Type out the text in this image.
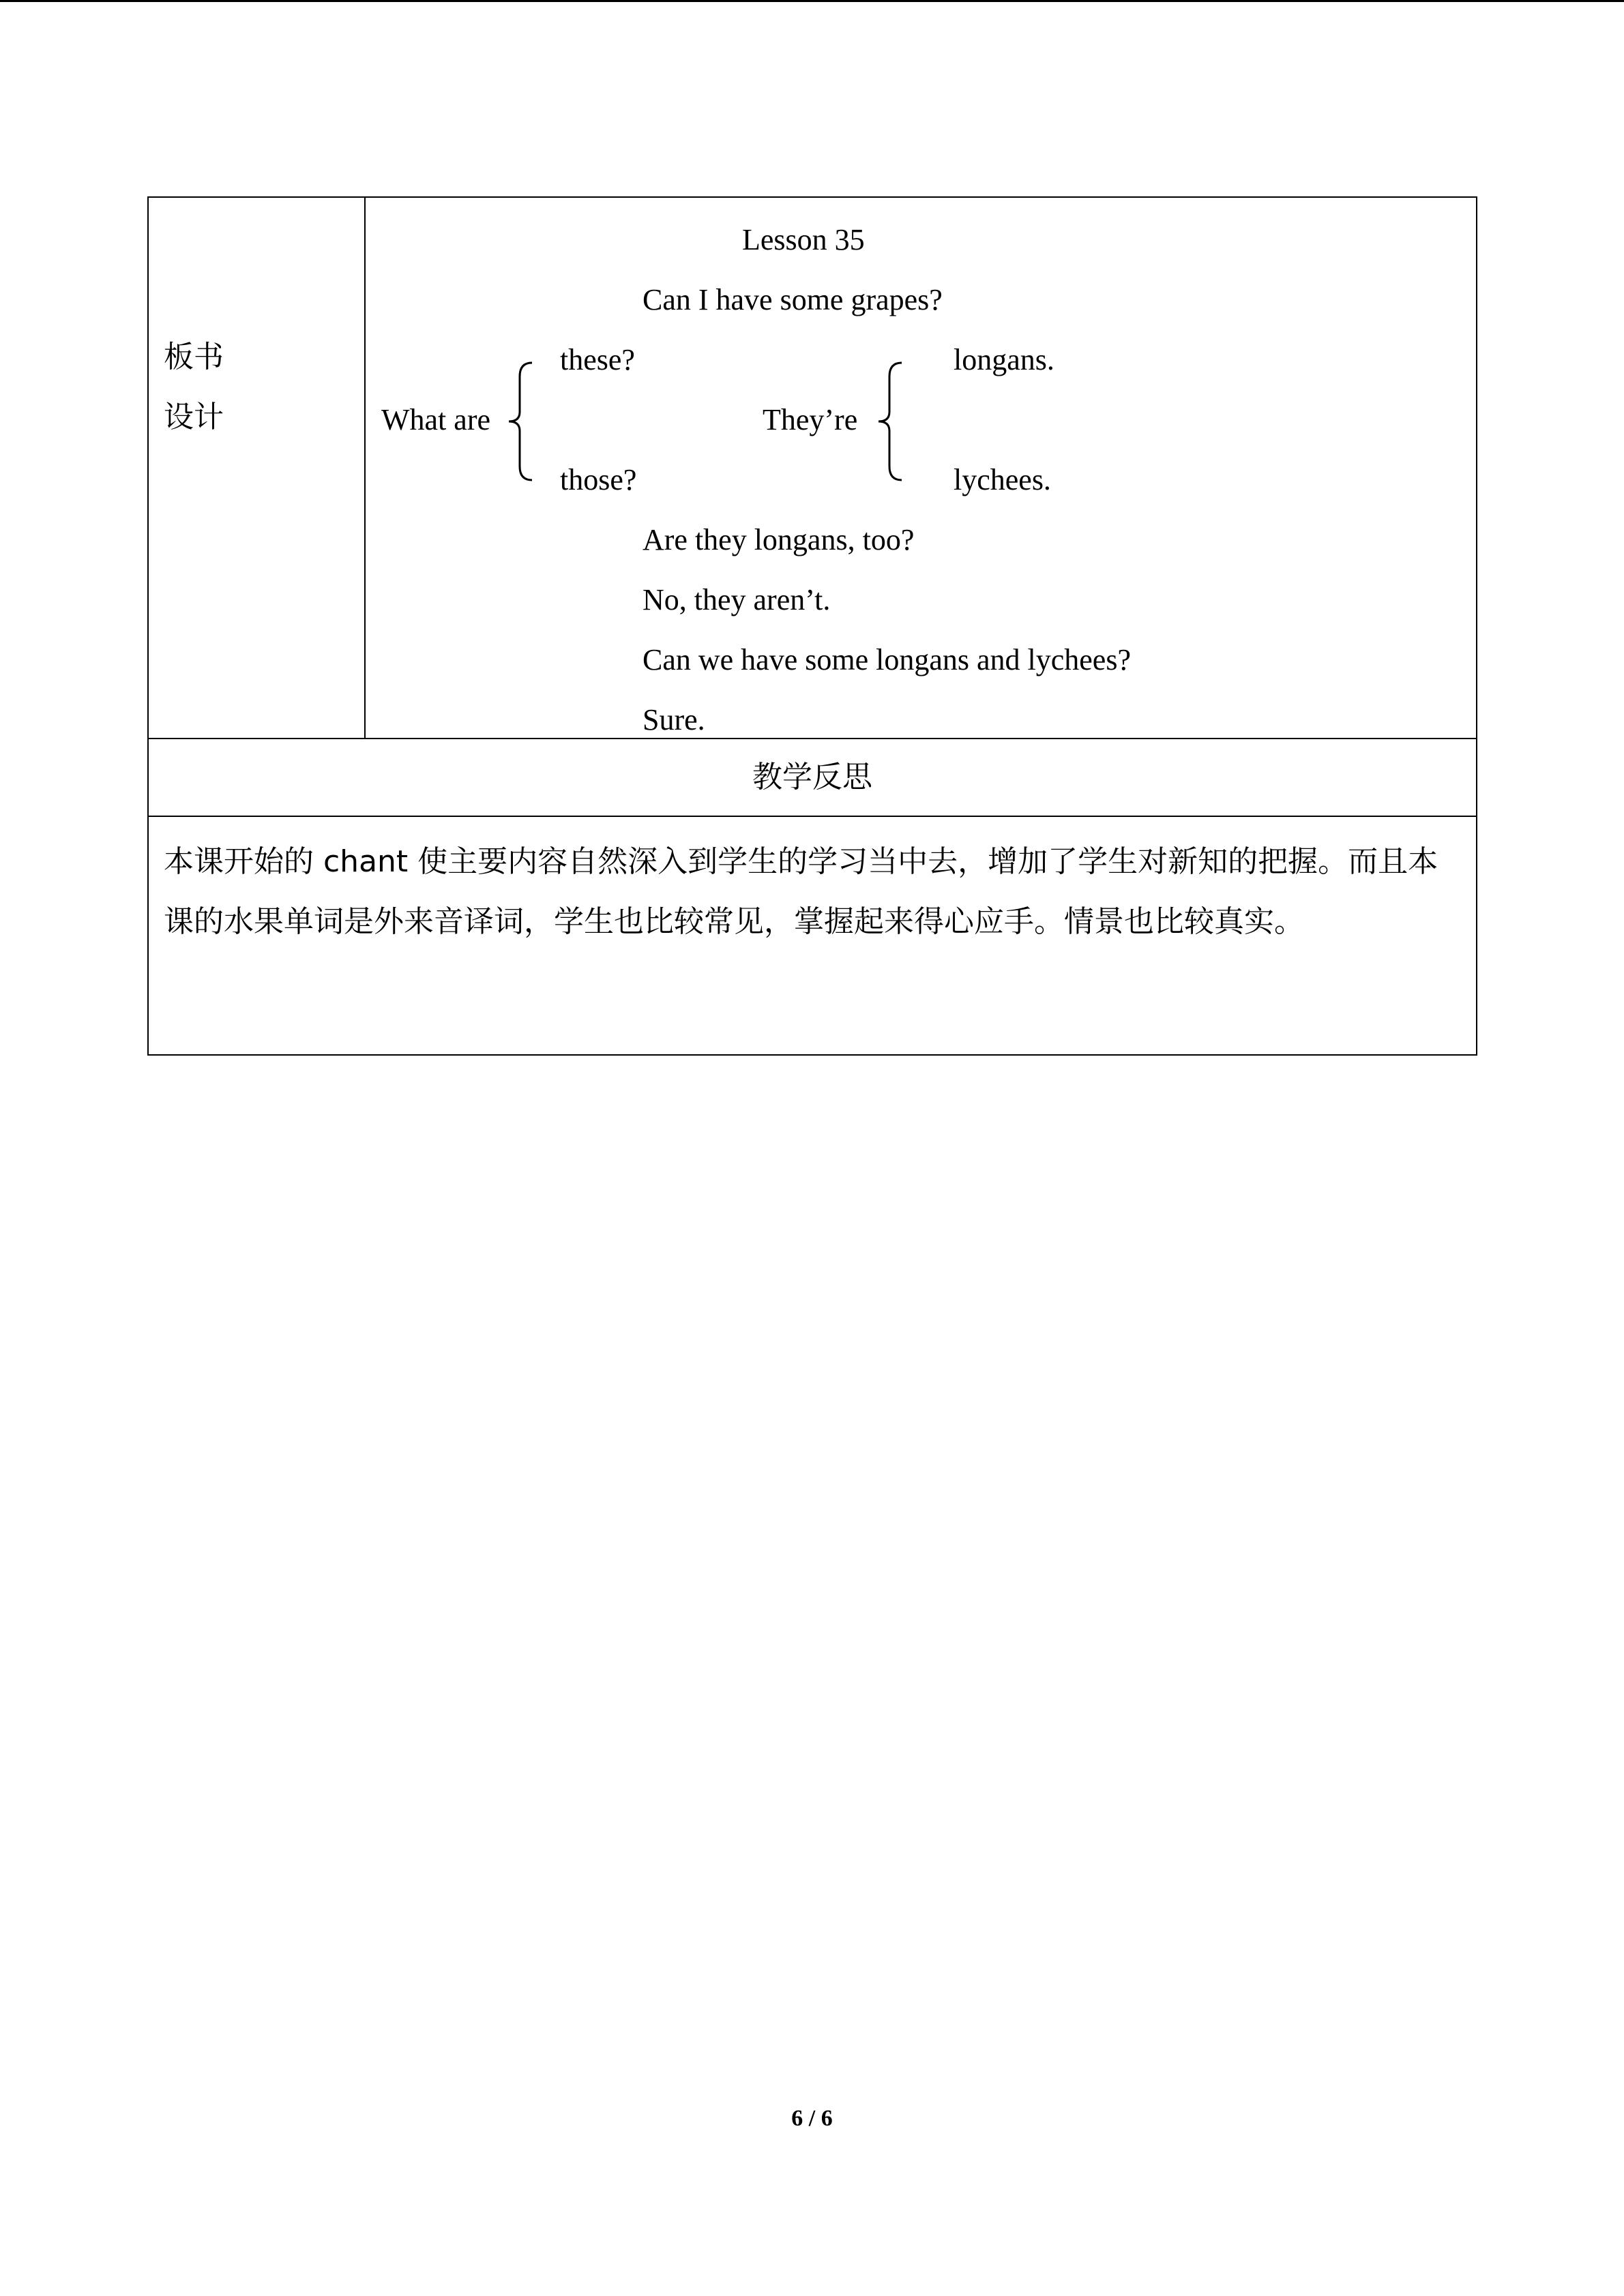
板书
设计
Lesson 35
Can I have some grapes?
What are
these?
those?
They’re
longans.
lychees.
Are they longans, too?
No, they aren’t.
Can we have some longans and lychees?
Sure.
教学反思
本课开始的 chant 使主要内容自然深入到学生的学习当中去，增加了学生对新知的把握。而且本课的水果单词是外来音译词，学生也比较常见，掌握起来得心应手。情景也比较真实。
6 / 6
